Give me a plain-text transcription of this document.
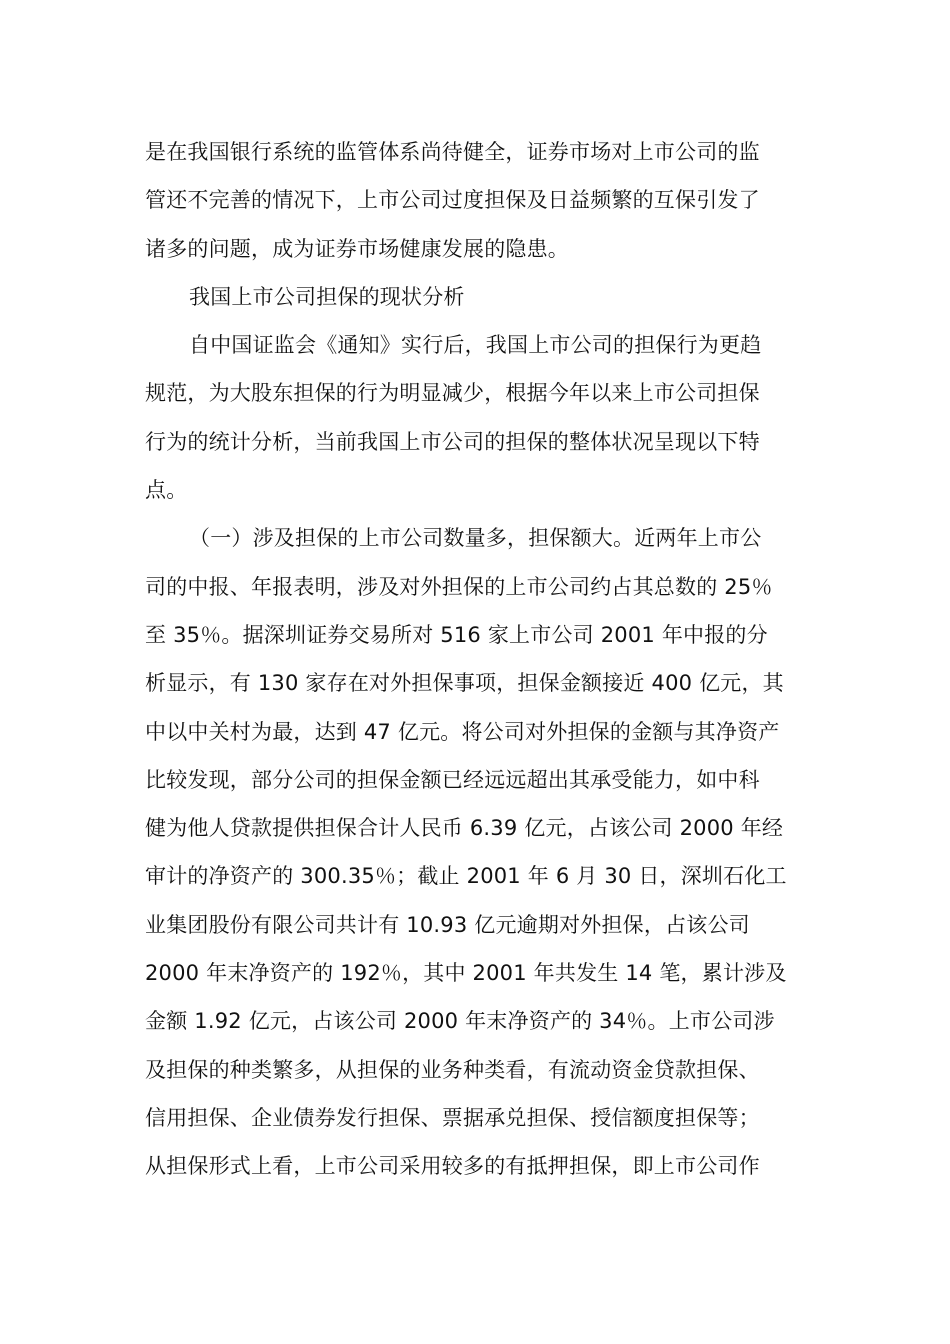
是在我国银行系统的监管体系尚待健全，证券市场对上市公司的监
管还不完善的情况下，上市公司过度担保及日益频繁的互保引发了
诸多的问题，成为证券市场健康发展的隐患。
我国上市公司担保的现状分析
自中国证监会《通知》实行后，我国上市公司的担保行为更趋
规范，为大股东担保的行为明显减少，根据今年以来上市公司担保
行为的统计分析，当前我国上市公司的担保的整体状况呈现以下特
点。
（一）涉及担保的上市公司数量多，担保额大。近两年上市公
司的中报、年报表明，涉及对外担保的上市公司约占其总数的 25％
至 35％。据深圳证券交易所对 516 家上市公司 2001 年中报的分
析显示，有 130 家存在对外担保事项，担保金额接近 400 亿元，其
中以中关村为最，达到 47 亿元。将公司对外担保的金额与其净资产
比较发现，部分公司的担保金额已经远远超出其承受能力，如中科
健为他人贷款提供担保合计人民币 6.39 亿元，占该公司 2000 年经
审计的净资产的 300.35％；截止 2001 年 6 月 30 日，深圳石化工
业集团股份有限公司共计有 10.93 亿元逾期对外担保，占该公司
2000 年末净资产的 192％，其中 2001 年共发生 14 笔，累计涉及
金额 1.92 亿元，占该公司 2000 年末净资产的 34％。上市公司涉
及担保的种类繁多，从担保的业务种类看，有流动资金贷款担保、
信用担保、企业债券发行担保、票据承兑担保、授信额度担保等；
从担保形式上看，上市公司采用较多的有抵押担保，即上市公司作
